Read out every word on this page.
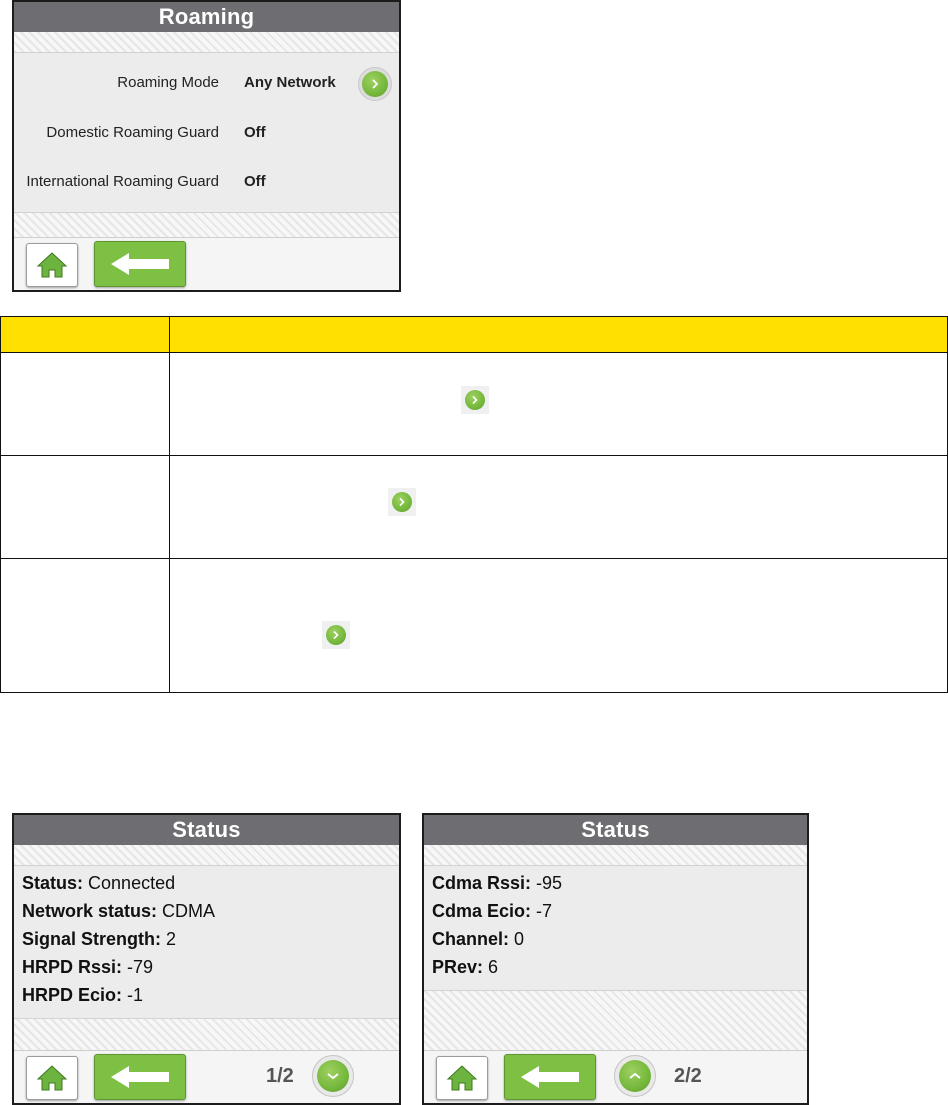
Roaming
Roaming Mode Any Network
Domestic Roaming Guard Off
International Roaming Guard Off
Status
Status: Connected
Network status: CDMA
Signal Strength: 2
HRPD Rssi: -79
HRPD Ecio: -1
1/2
Status
Cdma Rssi: -95
Cdma Ecio: -7
Channel: 0
PRev: 6
2/2
